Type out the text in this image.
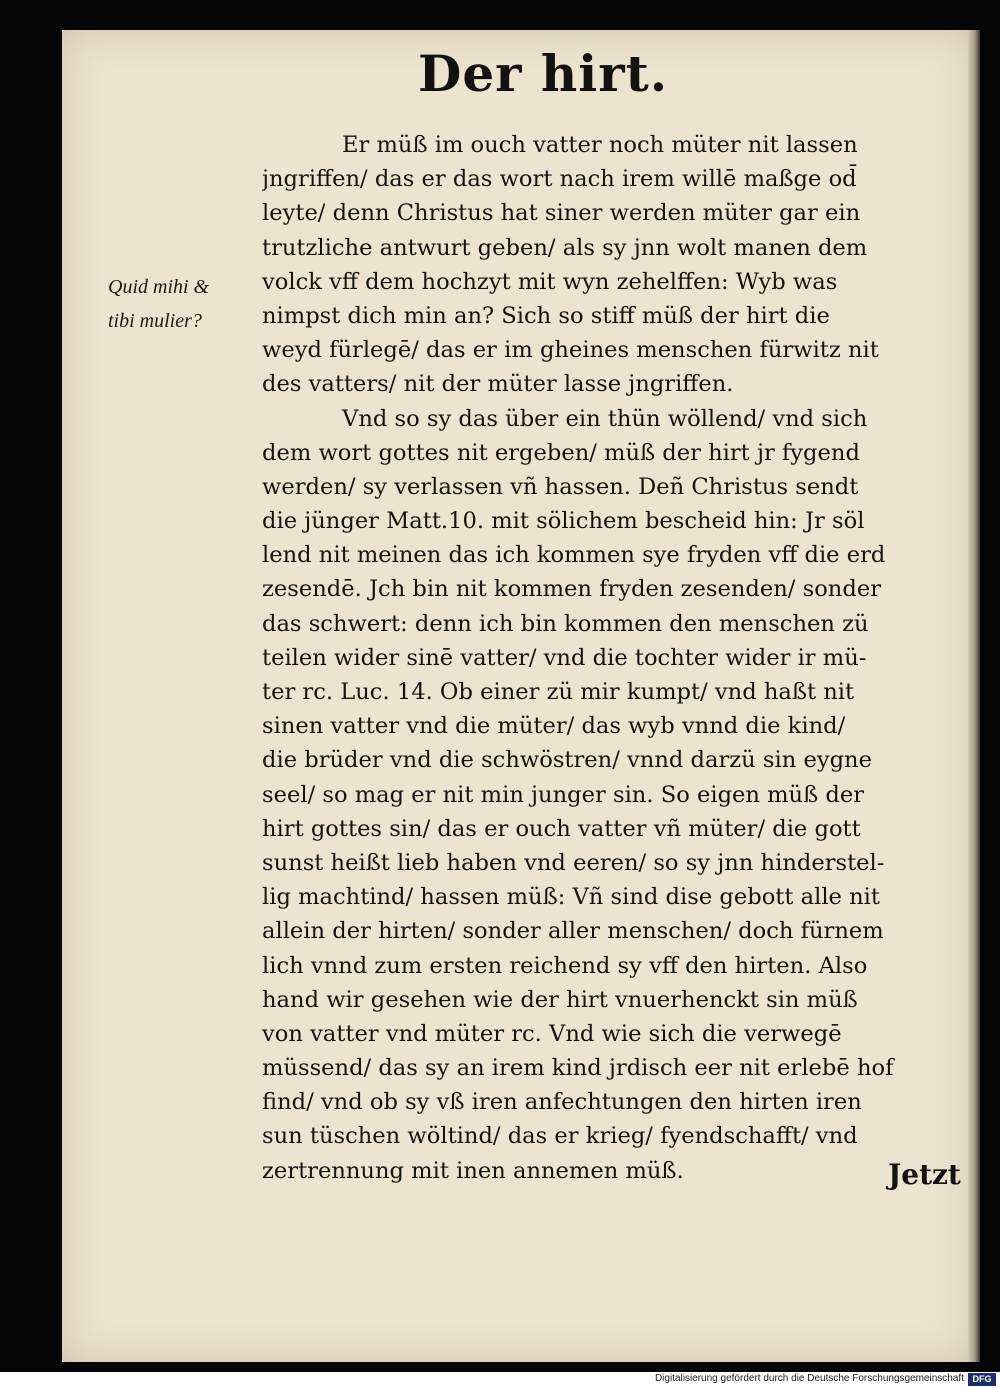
Der hirt.
Quid mihi &
tibi mulier?
Er müß im ouch vatter noch müter nit lassen
jngriffen/ das er das wort nach irem willē maßge od̄
leyte/ denn Christus hat siner werden müter gar ein
trutzliche antwurt geben/ als sy jnn wolt manen dem
volck vff dem hochzyt mit wyn zehelffen: Wyb was
nimpst dich min an? Sich so stiff müß der hirt die
weyd fürlegē/ das er im gheines menschen fürwitz nit
des vatters/ nit der müter lasse jngriffen.
Vnd so sy das über ein thün wöllend/ vnd sich
dem wort gottes nit ergeben/ müß der hirt jr fygend
werden/ sy verlassen vñ hassen. Deñ Christus sendt
die jünger Matt.10. mit sölichem bescheid hin: Jr söl
lend nit meinen das ich kommen sye fryden vff die erd
zesendē. Jch bin nit kommen fryden zesenden/ sonder
das schwert: denn ich bin kommen den menschen zü
teilen wider sinē vatter/ vnd die tochter wider ir mü-
ter rc. Luc. 14. Ob einer zü mir kumpt/ vnd haßt nit
sinen vatter vnd die müter/ das wyb vnnd die kind/
die brüder vnd die schwöstren/ vnnd darzü sin eygne
seel/ so mag er nit min junger sin. So eigen müß der
hirt gottes sin/ das er ouch vatter vñ müter/ die gott
sunst heißt lieb haben vnd eeren/ so sy jnn hinderstel-
lig machtind/ hassen müß: Vñ sind dise gebott alle nit
allein der hirten/ sonder aller menschen/ doch fürnem
lich vnnd zum ersten reichend sy vff den hirten. Also
hand wir gesehen wie der hirt vnuerhenckt sin müß
von vatter vnd müter rc. Vnd wie sich die verwegē
müssend/ das sy an irem kind jrdisch eer nit erlebē hof
find/ vnd ob sy vß iren anfechtungen den hirten iren
sun tüschen wöltind/ das er krieg/ fyendschafft/ vnd
zertrennung mit inen annemen müß.	Jetzt
Digitalisierung gefördert durch die Deutsche Forschungsgemeinschaft DFG
